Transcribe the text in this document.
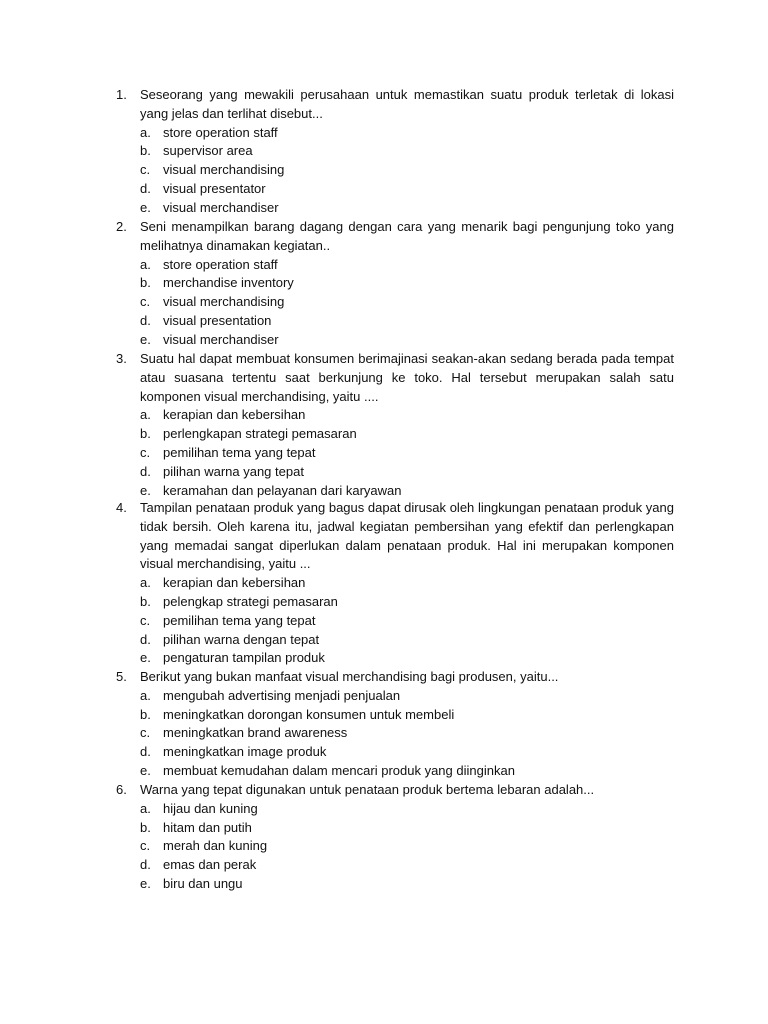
1. Seseorang yang mewakili perusahaan untuk memastikan suatu produk terletak di lokasi yang jelas dan terlihat disebut...
a. store operation staff
b. supervisor area
c. visual merchandising
d. visual presentator
e. visual merchandiser
2. Seni menampilkan barang dagang dengan cara yang menarik bagi pengunjung toko yang melihatnya dinamakan kegiatan..
a. store operation staff
b. merchandise inventory
c. visual merchandising
d. visual presentation
e. visual merchandiser
3. Suatu hal dapat membuat konsumen berimajinasi seakan-akan sedang berada pada tempat atau suasana tertentu saat berkunjung ke toko. Hal tersebut merupakan salah satu komponen visual merchandising, yaitu ....
a. kerapian dan kebersihan
b. perlengkapan strategi pemasaran
c. pemilihan tema yang tepat
d. pilihan warna yang tepat
e. keramahan dan pelayanan dari karyawan
4. Tampilan penataan produk yang bagus dapat dirusak oleh lingkungan penataan produk yang tidak bersih. Oleh karena itu, jadwal kegiatan pembersihan yang efektif dan perlengkapan yang memadai sangat diperlukan dalam penataan produk. Hal ini merupakan komponen visual merchandising, yaitu ...
a. kerapian dan kebersihan
b. pelengkap strategi pemasaran
c. pemilihan tema yang tepat
d. pilihan warna dengan tepat
e. pengaturan tampilan produk
5. Berikut yang bukan manfaat visual merchandising bagi produsen, yaitu...
a. mengubah advertising menjadi penjualan
b. meningkatkan dorongan konsumen untuk membeli
c. meningkatkan brand awareness
d. meningkatkan image produk
e. membuat kemudahan dalam mencari produk yang diinginkan
6. Warna yang tepat digunakan untuk penataan produk bertema lebaran adalah...
a. hijau dan kuning
b. hitam dan putih
c. merah dan kuning
d. emas dan perak
e. biru dan ungu
